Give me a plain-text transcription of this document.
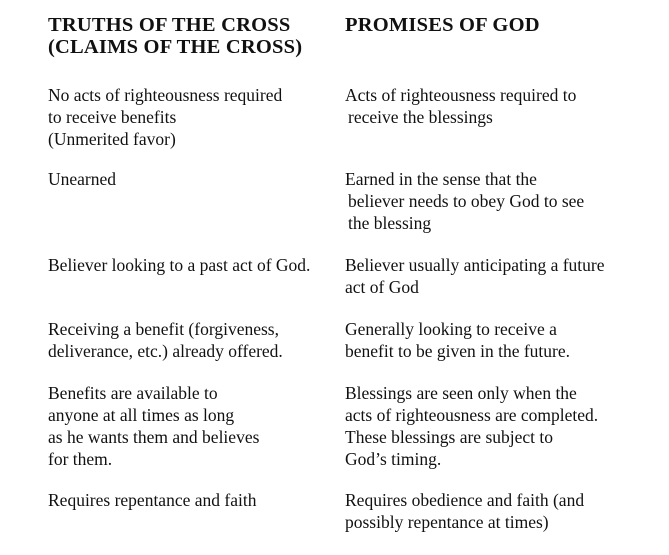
TRUTHS OF THE CROSS
(CLAIMS OF THE CROSS)
PROMISES OF GOD
No acts of righteousness required
to receive benefits
(Unmerited favor)
Acts of righteousness required to
receive the blessings
Unearned	Earned in the sense that the
believer needs to obey God to see
the blessing
Believer looking to a past act of God. Believer usually anticipating a future
act of God
Receiving a benefit (forgiveness,
deliverance, etc.) already offered.
Generally looking to receive a
benefit to be given in the future.
Benefits are available to
anyone at all times as long
as he wants them and believes
for them.
Blessings are seen only when the
acts of righteousness are completed.
These blessings are subject to
God’s timing.
Requires repentance and faith	Requires obedience and faith (and
possibly repentance at times)
